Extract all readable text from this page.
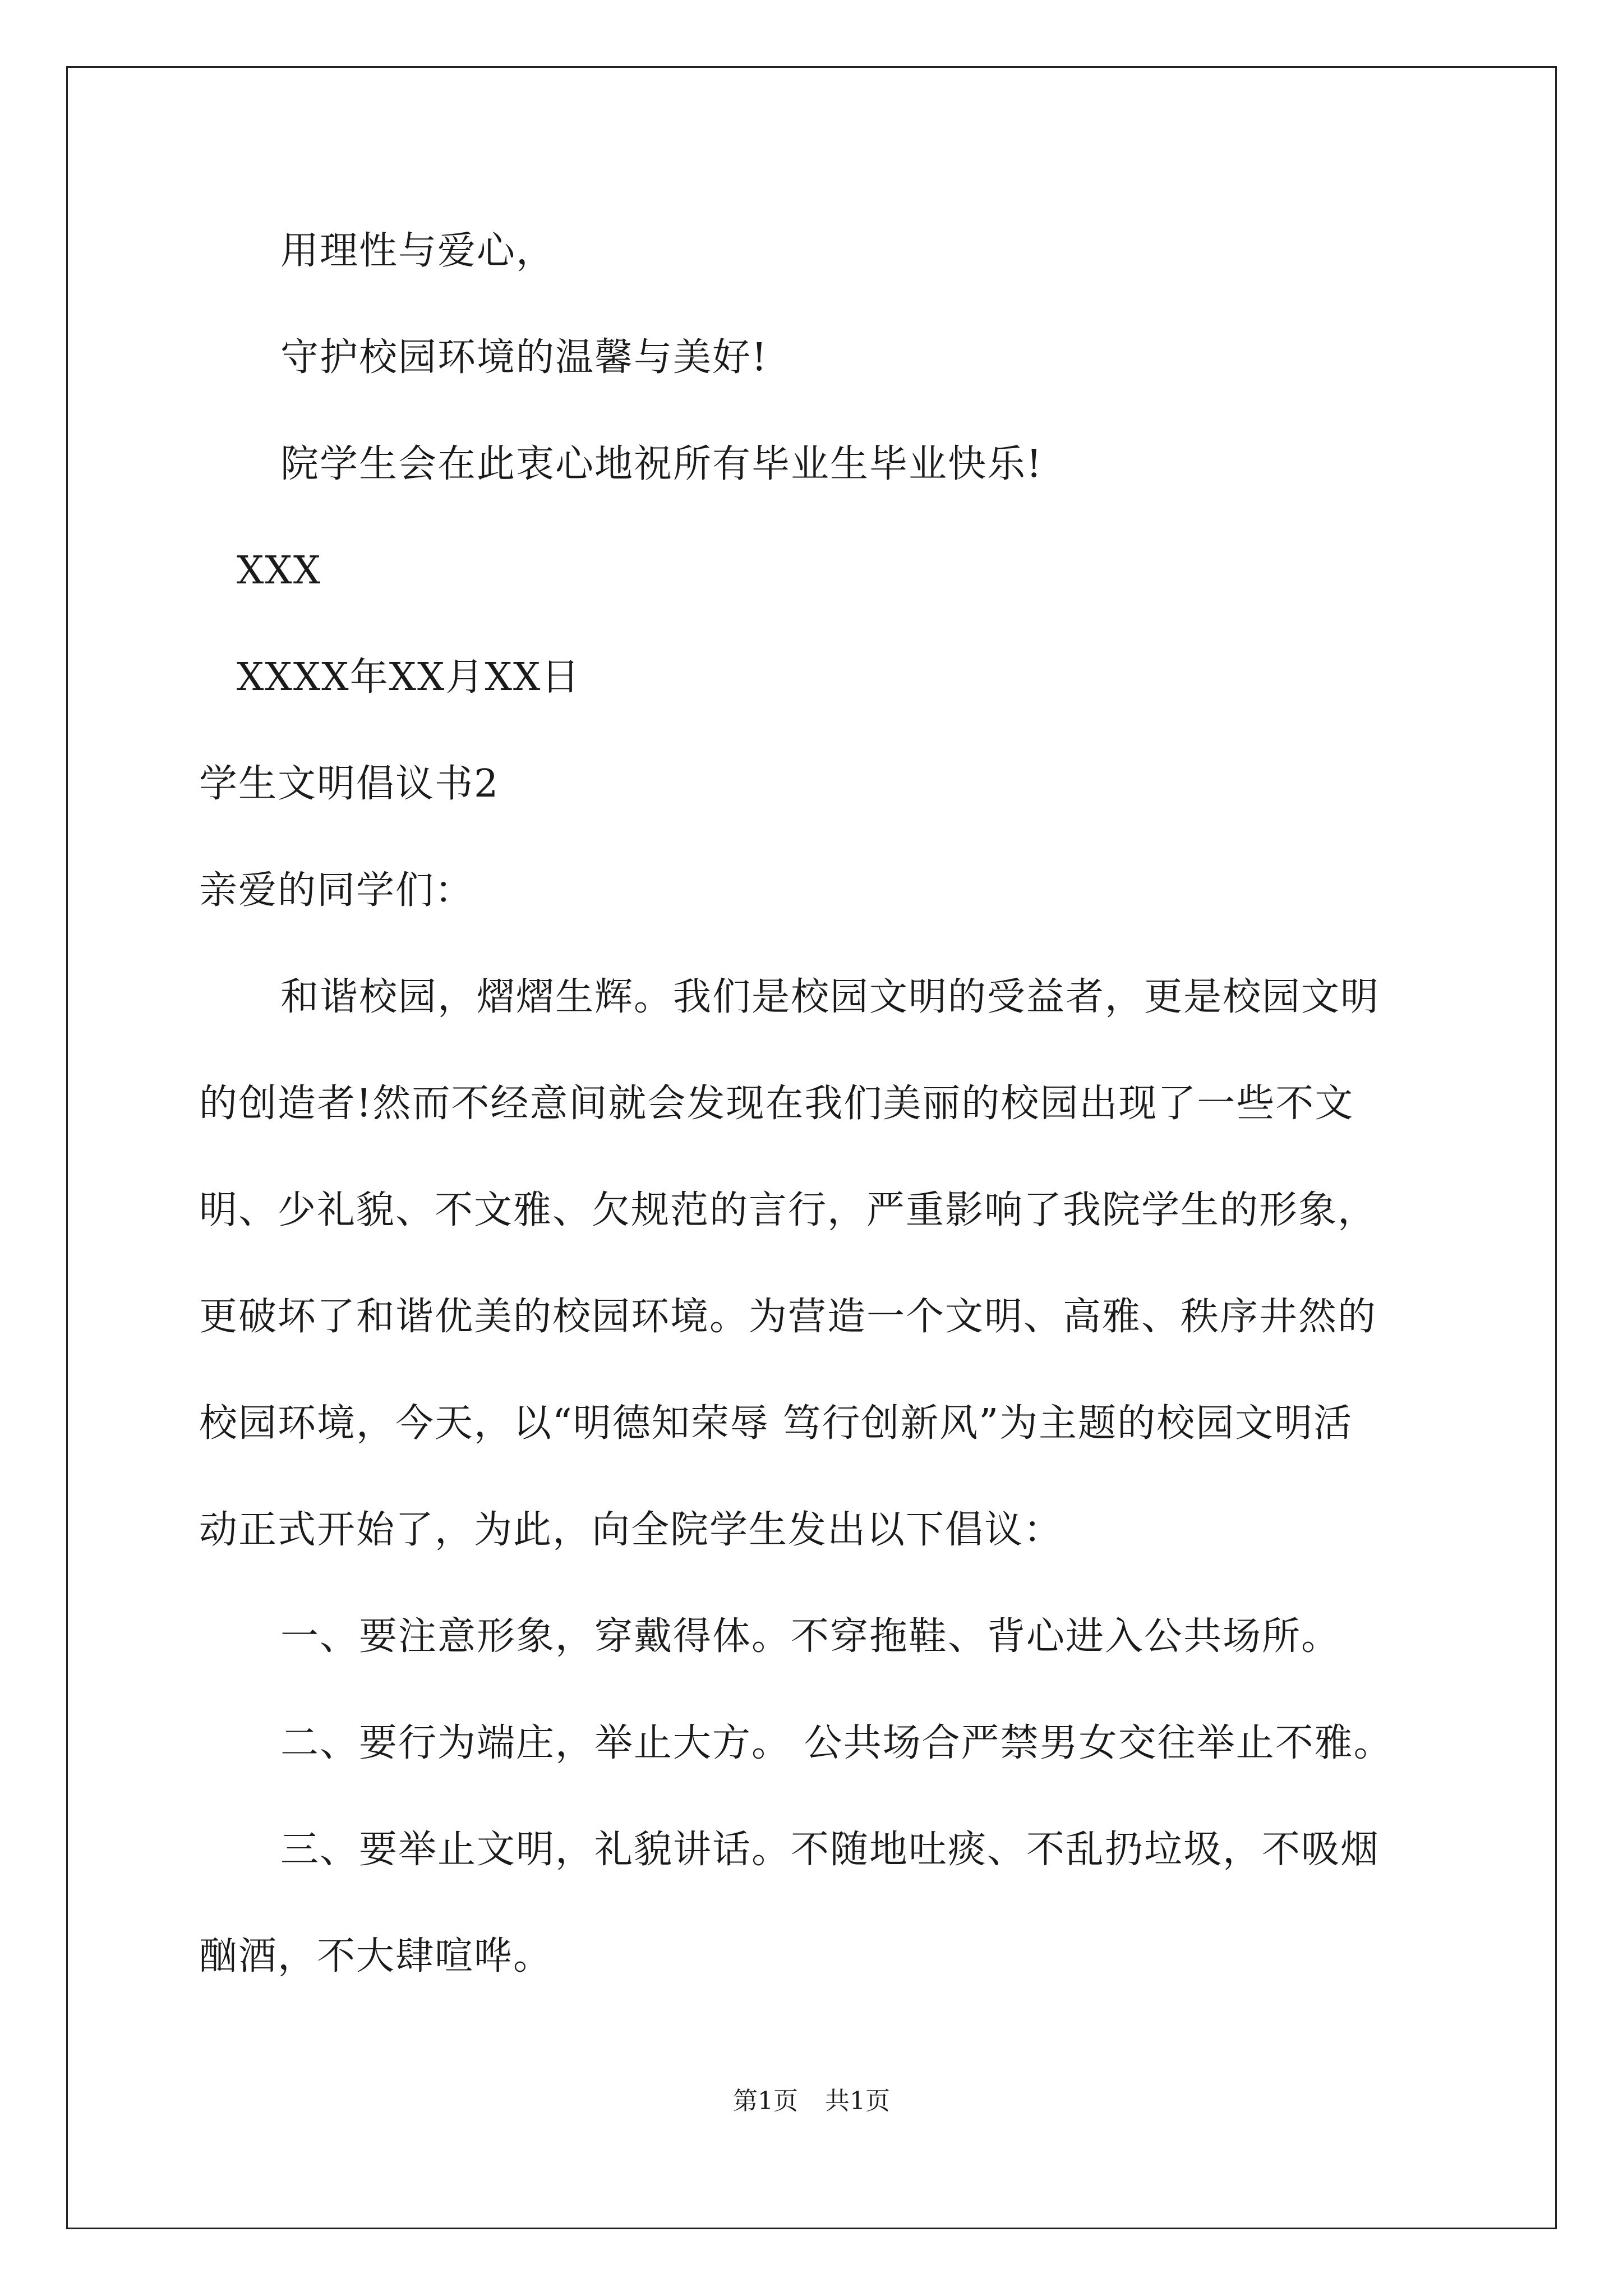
用理性与爱心，
守护校园环境的温馨与美好!
院学生会在此衷心地祝所有毕业生毕业快乐!
XXX
XXXX年XX月XX日
学生文明倡议书2
亲爱的同学们：
和谐校园，熠熠生辉。我们是校园文明的受益者，更是校园文明
的创造者!然而不经意间就会发现在我们美丽的校园出现了一些不文
明、少礼貌、不文雅、欠规范的言行，严重影响了我院学生的形象，
更破坏了和谐优美的校园环境。为营造一个文明、高雅、秩序井然的
校园环境，今天，以“明德知荣辱 笃行创新风”为主题的校园文明活
动正式开始了，为此，向全院学生发出以下倡议：
一、要注意形象，穿戴得体。不穿拖鞋、背心进入公共场所。
二、要行为端庄，举止大方。 公共场合严禁男女交往举止不雅。
三、要举止文明，礼貌讲话。不随地吐痰、不乱扔垃圾，不吸烟
酗酒，不大肆喧哗。
第1页 共1页
